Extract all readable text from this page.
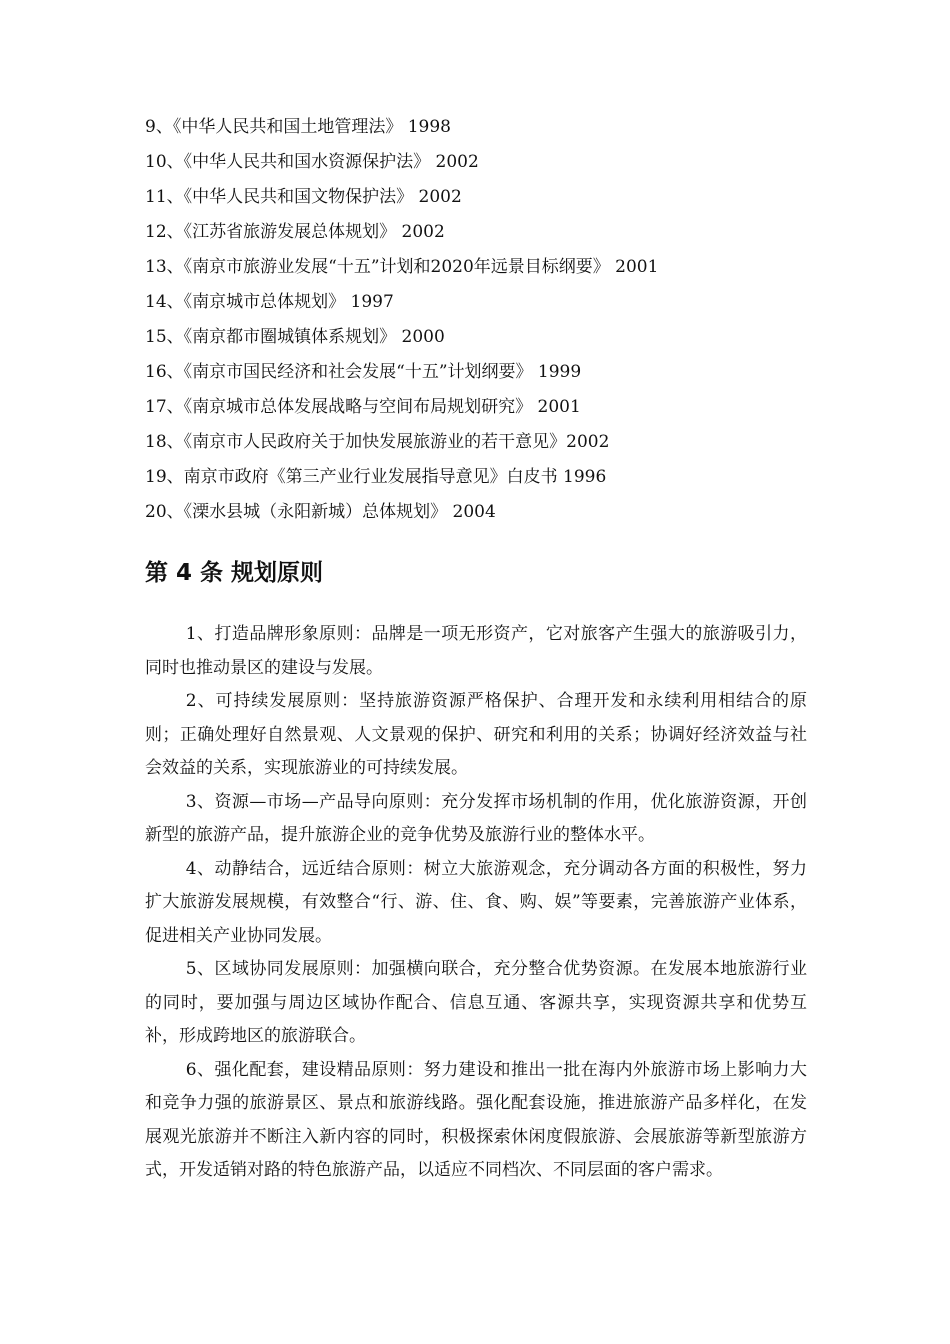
9、《中华人民共和国土地管理法》 1998
10、《中华人民共和国水资源保护法》 2002
11、《中华人民共和国文物保护法》 2002
12、《江苏省旅游发展总体规划》 2002
13、《南京市旅游业发展“十五”计划和2020年远景目标纲要》 2001
14、《南京城市总体规划》 1997
15、《南京都市圈城镇体系规划》 2000
16、《南京市国民经济和社会发展“十五”计划纲要》 1999
17、《南京城市总体发展战略与空间布局规划研究》 2001
18、《南京市人民政府关于加快发展旅游业的若干意见》2002
19、南京市政府《第三产业行业发展指导意见》白皮书 1996
20、《溧水县城（永阳新城）总体规划》 2004
第 4 条 规划原则

1、打造品牌形象原则：品牌是一项无形资产，它对旅客产生强大的旅游吸引力，同时也推动景区的建设与发展。

2、可持续发展原则：坚持旅游资源严格保护、合理开发和永续利用相结合的原则；正确处理好自然景观、人文景观的保护、研究和利用的关系；协调好经济效益与社会效益的关系，实现旅游业的可持续发展。

3、资源—市场—产品导向原则：充分发挥市场机制的作用，优化旅游资源，开创新型的旅游产品，提升旅游企业的竞争优势及旅游行业的整体水平。

4、动静结合，远近结合原则：树立大旅游观念，充分调动各方面的积极性，努力扩大旅游发展规模，有效整合“行、游、住、食、购、娱”等要素，完善旅游产业体系，促进相关产业协同发展。

5、区域协同发展原则：加强横向联合，充分整合优势资源。在发展本地旅游行业的同时，要加强与周边区域协作配合、信息互通、客源共享，实现资源共享和优势互补，形成跨地区的旅游联合。

6、强化配套，建设精品原则：努力建设和推出一批在海内外旅游市场上影响力大和竞争力强的旅游景区、景点和旅游线路。强化配套设施，推进旅游产品多样化，在发展观光旅游并不断注入新内容的同时，积极探索休闲度假旅游、会展旅游等新型旅游方式，开发适销对路的特色旅游产品，以适应不同档次、不同层面的客户需求。
